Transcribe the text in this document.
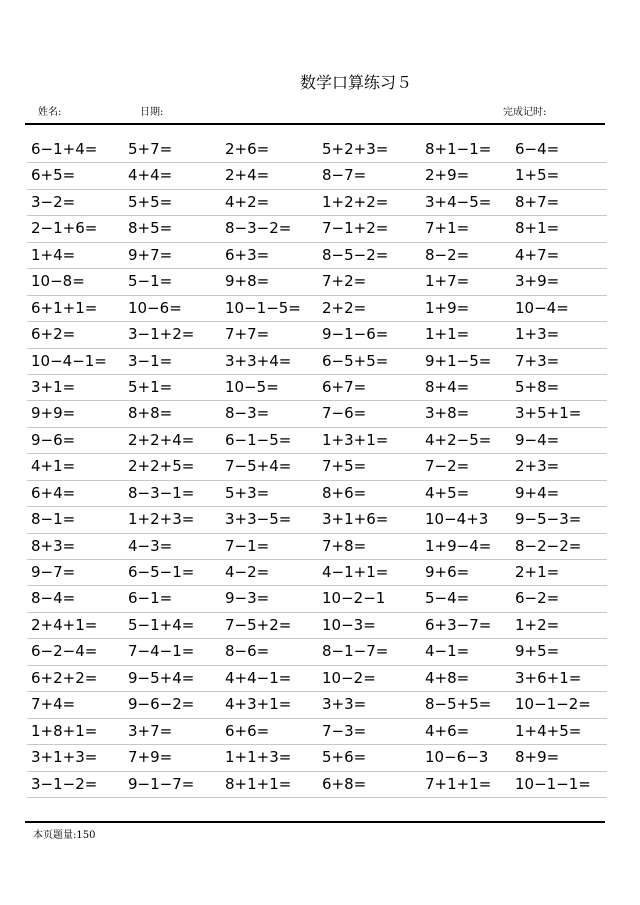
数学口算练习５
姓名:	日期:	完成记时:
6−1+4= 5+7=	2+6=	5+2+3= 8+1−1= 6−4=
6+5=	4+4=	2+4=	8−7=	2+9=	1+5=
3−2=	5+5=	4+2=	1+2+2= 3+4−5= 8+7=
2−1+6= 8+5=	8−3−2= 7−1+2= 7+1=	8+1=
1+4=	9+7=	6+3=	8−5−2= 8−2=	4+7=
10−8=	5−1=	9+8=	7+2=	1+7=	3+9=
6+1+1= 10−6=	10−1−5= 2+2=	1+9=	10−4=
6+2=	3−1+2= 7+7=	9−1−6= 1+1=	1+3=
10−4−1= 3−1=	3+3+4= 6−5+5= 9+1−5= 7+3=
3+1=	5+1=	10−5=	6+7=	8+4=	5+8=
9+9=	8+8=	8−3=	7−6=	3+8=	3+5+1=
9−6=	2+2+4= 6−1−5= 1+3+1= 4+2−5= 9−4=
4+1=	2+2+5= 7−5+4= 7+5=	7−2=	2+3=
6+4=	8−3−1= 5+3=	8+6=	4+5=	9+4=
8−1=	1+2+3= 3+3−5= 3+1+6= 10−4+3 9−5−3=
8+3=	4−3=	7−1=	7+8=	1+9−4= 8−2−2=
9−7=	6−5−1= 4−2=	4−1+1= 9+6=	2+1=
8−4=	6−1=	9−3=	10−2−1	5−4=	6−2=
2+4+1= 5−1+4= 7−5+2= 10−3=	6+3−7= 1+2=
6−2−4= 7−4−1= 8−6=	8−1−7= 4−1=	9+5=
6+2+2= 9−5+4= 4+4−1= 10−2=	4+8=	3+6+1=
7+4=	9−6−2= 4+3+1= 3+3=	8−5+5= 10−1−2=
1+8+1= 3+7=	6+6=	7−3=	4+6=	1+4+5=
3+1+3= 7+9=	1+1+3= 5+6=	10−6−3 8+9=
3−1−2= 9−1−7= 8+1+1= 6+8=	7+1+1= 10−1−1=
本页题量:150
